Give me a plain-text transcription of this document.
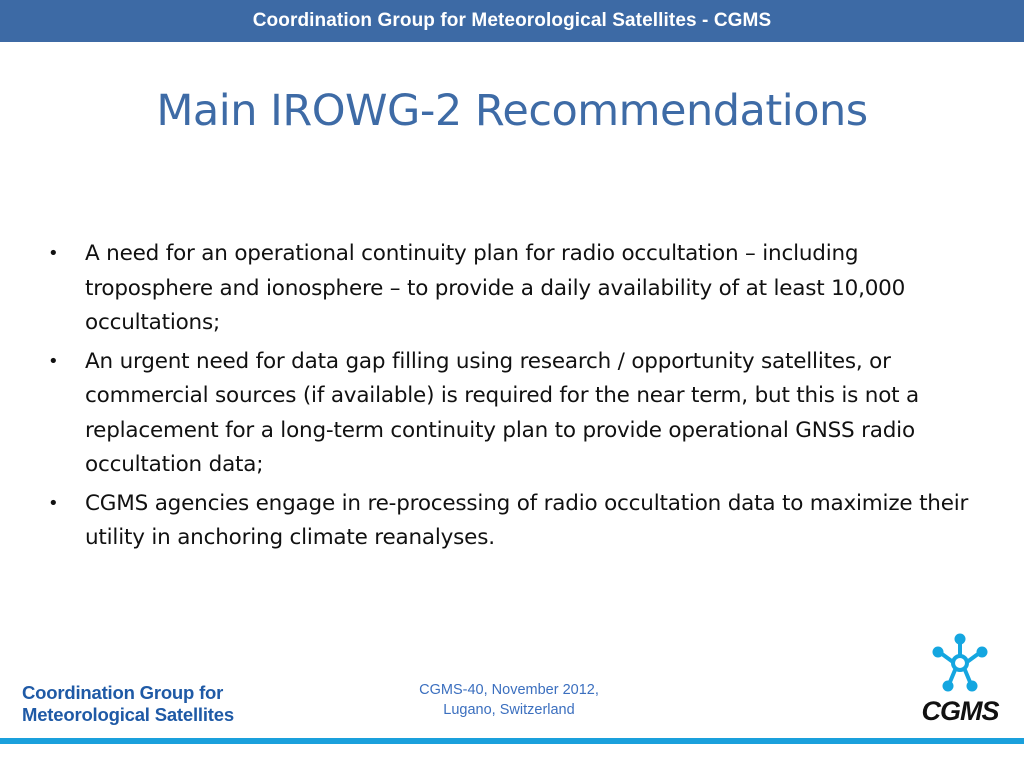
Coordination Group for Meteorological Satellites - CGMS
Main IROWG-2 Recommendations
• A need for an operational continuity plan for radio occultation – including troposphere and ionosphere – to provide a daily availability of at least 10,000 occultations;
• An urgent need for data gap filling using research / opportunity satellites, or commercial sources (if available) is required for the near term, but this is not a replacement for a long-term continuity plan to provide operational GNSS radio occultation data;
• CGMS agencies engage in re-processing of radio occultation data to maximize their utility in anchoring climate reanalyses.
Coordination Group for
Meteorological Satellites
CGMS-40, November 2012,
Lugano, Switzerland	CGMS
